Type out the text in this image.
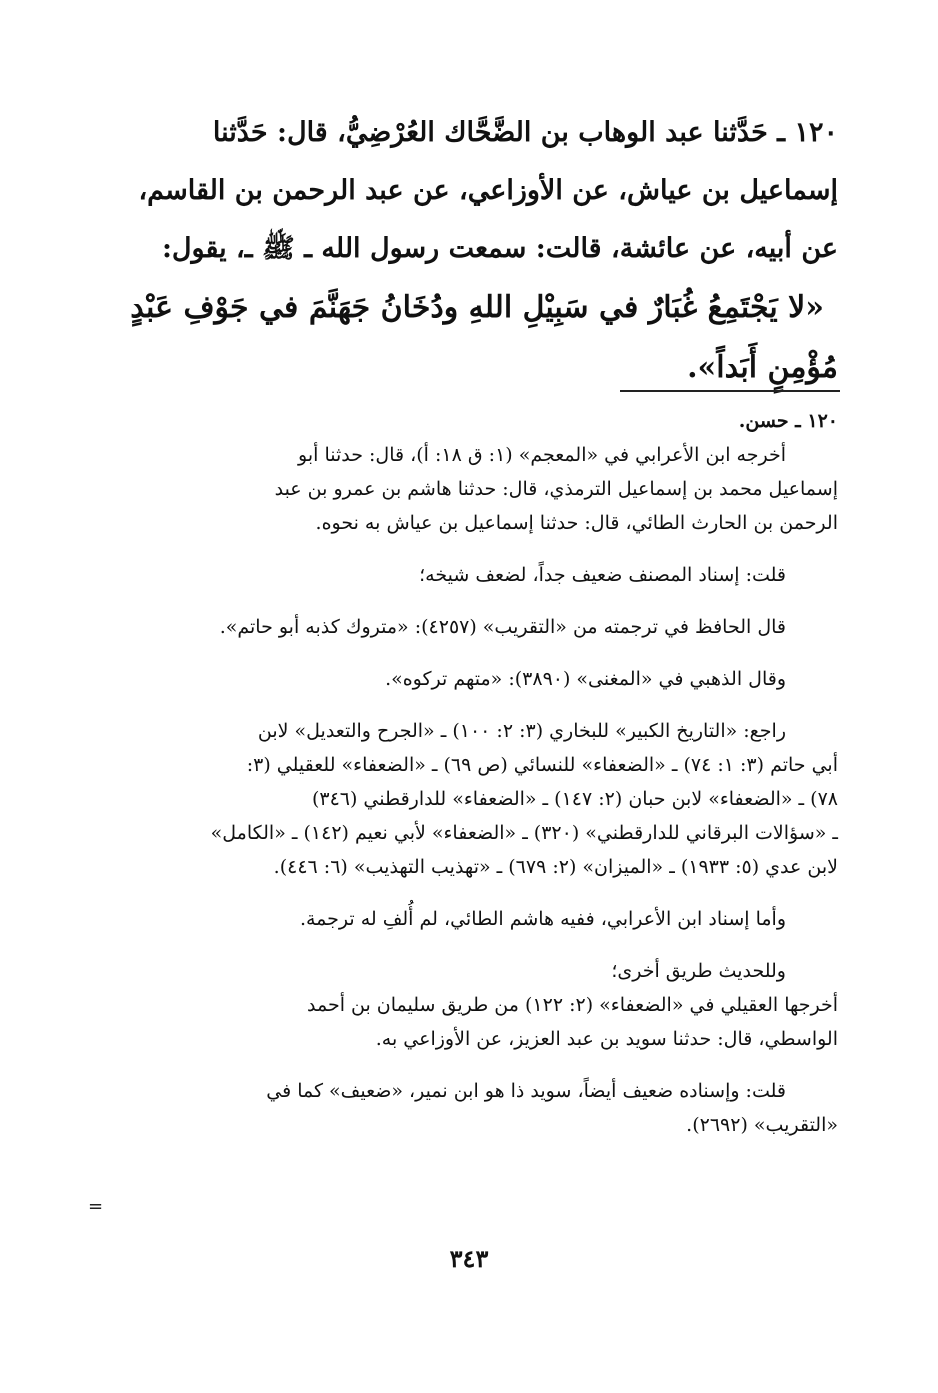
١٢٠ ـ حَدَّثنا عبد الوهاب بن الضَّحَّاك العُرْضِيُّ، قال: حَدَّثنا
إسماعيل بن عياش، عن الأوزاعي، عن عبد الرحمن بن القاسم،
عن أبيه، عن عائشة، قالت: سمعت رسول الله ـ ﷺ ـ، يقول:
«لا يَجْتَمِعُ غُبَارٌ في سَبِيْلِ اللهِ ودُخَانُ جَهَنَّمَ في جَوْفِ عَبْدٍ
مُؤْمِنٍ أَبَداً».
١٢٠ ـ حسن.
أخرجه ابن الأعرابي في «المعجم» (١: ق ١٨: أ)، قال: حدثنا أبو
إسماعيل محمد بن إسماعيل الترمذي، قال: حدثنا هاشم بن عمرو بن عبد
الرحمن بن الحارث الطائي، قال: حدثنا إسماعيل بن عياش به نحوه.
قلت: إسناد المصنف ضعيف جداً، لضعف شيخه؛
قال الحافظ في ترجمته من «التقريب» (٤٢٥٧): «متروك كذبه أبو حاتم».
وقال الذهبي في «المغنى» (٣٨٩٠): «متهم تركوه».
راجع: «التاريخ الكبير» للبخاري (٣: ٢: ١٠٠) ـ «الجرح والتعديل» لابن
أبي حاتم (٣: ١: ٧٤) ـ «الضعفاء» للنسائي (ص ٦٩) ـ «الضعفاء» للعقيلي (٣:
٧٨) ـ «الضعفاء» لابن حبان (٢: ١٤٧) ـ «الضعفاء» للدارقطني (٣٤٦)
ـ «سؤالات البرقاني للدارقطني» (٣٢٠) ـ «الضعفاء» لأبي نعيم (١٤٢) ـ «الكامل»
لابن عدي (٥: ١٩٣٣) ـ «الميزان» (٢: ٦٧٩) ـ «تهذيب التهذيب» (٦: ٤٤٦).
وأما إسناد ابن الأعرابي، ففيه هاشم الطائي، لم أُلفِ له ترجمة.
وللحديث طريق أخرى؛
أخرجها العقيلي في «الضعفاء» (٢: ١٢٢) من طريق سليمان بن أحمد
الواسطي، قال: حدثنا سويد بن عبد العزيز، عن الأوزاعي به.
قلت: وإسناده ضعيف أيضاً، سويد ذا هو ابن نمير، «ضعيف» كما في
«التقريب» (٢٦٩٢).
=
٣٤٣
